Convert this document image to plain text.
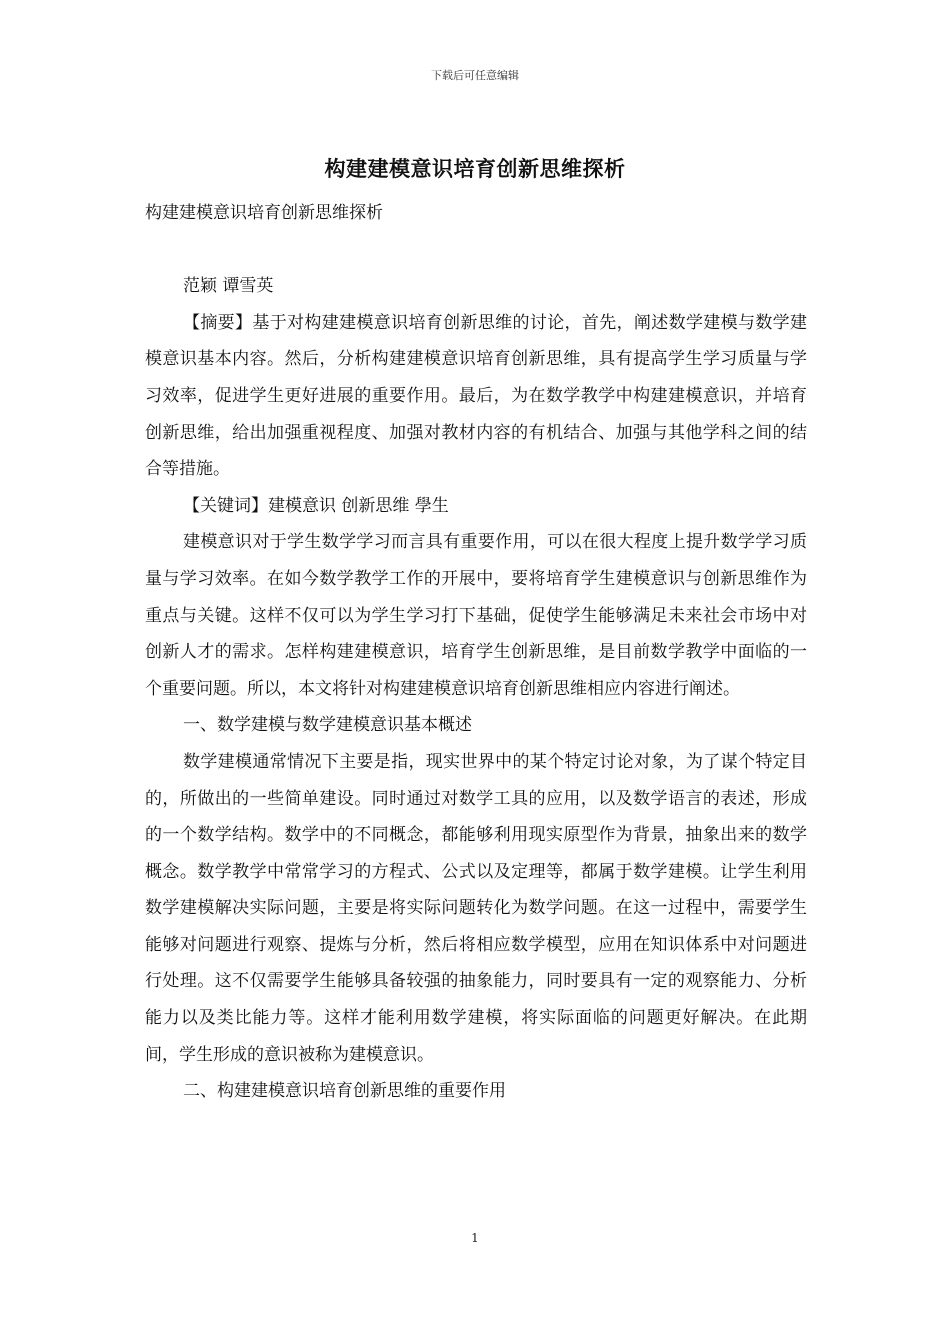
下载后可任意编辑
构建建模意识培育创新思维探析

构建建模意识培育创新思维探析

范颖 谭雪英

【摘要】基于对构建建模意识培育创新思维的讨论，首先，阐述数学建模与数学建模意识基本内容。然后，分析构建建模意识培育创新思维，具有提高学生学习质量与学习效率，促进学生更好进展的重要作用。最后，为在数学教学中构建建模意识，并培育创新思维，给出加强重视程度、加强对教材内容的有机结合、加强与其他学科之间的结合等措施。

【关键词】建模意识 创新思维 學生

建模意识对于学生数学学习而言具有重要作用，可以在很大程度上提升数学学习质量与学习效率。在如今数学教学工作的开展中，要将培育学生建模意识与创新思维作为重点与关键。这样不仅可以为学生学习打下基础，促使学生能够满足未来社会市场中对创新人才的需求。怎样构建建模意识，培育学生创新思维，是目前数学教学中面临的一个重要问题。所以，本文将针对构建建模意识培育创新思维相应内容进行阐述。

一、数学建模与数学建模意识基本概述

数学建模通常情况下主要是指，现实世界中的某个特定讨论对象，为了谋个特定目的，所做出的一些简单建设。同时通过对数学工具的应用，以及数学语言的表述，形成的一个数学结构。数学中的不同概念，都能够利用现实原型作为背景，抽象出来的数学概念。数学教学中常常学习的方程式、公式以及定理等，都属于数学建模。让学生利用数学建模解决实际问题，主要是将实际问题转化为数学问题。在这一过程中，需要学生能够对问题进行观察、提炼与分析，然后将相应数学模型，应用在知识体系中对问题进行处理。这不仅需要学生能够具备较强的抽象能力，同时要具有一定的观察能力、分析能力以及类比能力等。这样才能利用数学建模，将实际面临的问题更好解决。在此期间，学生形成的意识被称为建模意识。

二、构建建模意识培育创新思维的重要作用

1
